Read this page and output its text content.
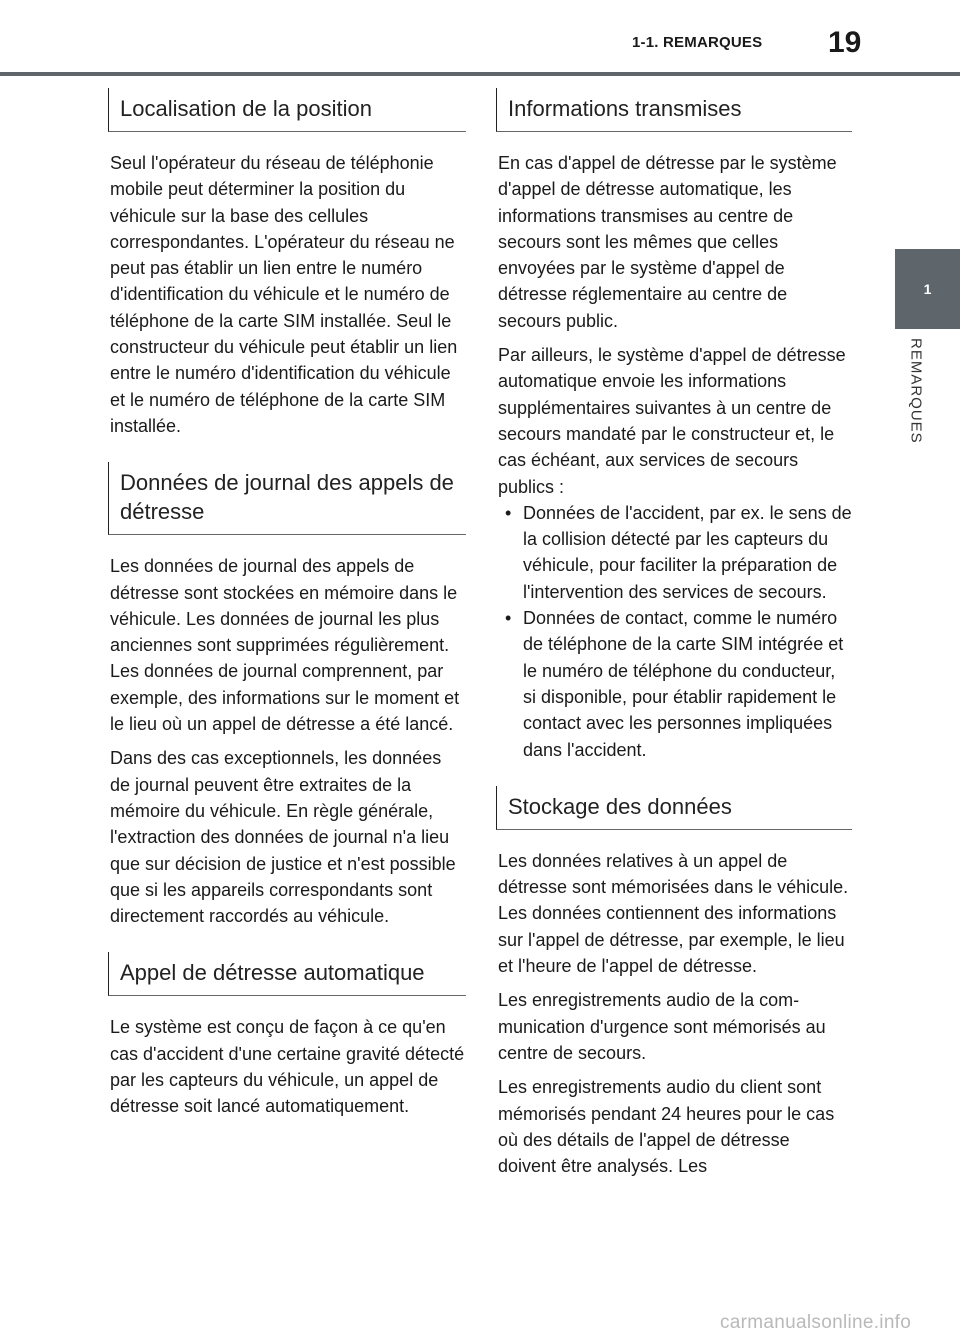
1-1. REMARQUES 19
1
REMARQUES
Localisation de la position

Seul l'opérateur du réseau de téléphonie mobile peut déterminer la position du véhicule sur la base des cellules correspondantes. L'opérateur du réseau ne peut pas établir un lien entre le numéro d'identification du véhicule et le numéro de téléphone de la carte SIM installée. Seul le constructeur du véhicule peut établir un lien entre le numéro d'identification du véhicule et le numéro de téléphone de la carte SIM installée.

Données de journal des appels de détresse

Les données de journal des appels de détresse sont stockées en mémoire dans le véhicule. Les données de journal les plus anciennes sont supprimées régulièrement. Les données de journal comprennent, par exemple, des informations sur le moment et le lieu où un appel de détresse a été lancé.

Dans des cas exceptionnels, les données de journal peuvent être extraites de la mémoire du véhicule. En règle générale, l'extraction des données de journal n'a lieu que sur décision de justice et n'est possible que si les appareils correspondants sont directement raccordés au véhicule.

Appel de détresse automatique

Le système est conçu de façon à ce qu'en cas d'accident d'une certaine gravité détecté par les capteurs du véhicule, un appel de détresse soit lancé automatiquement.

Informations transmises

En cas d'appel de détresse par le système d'appel de détresse automatique, les informations transmises au centre de secours sont les mêmes que celles envoyées par le système d'appel de détresse réglementaire au centre de secours public.

Par ailleurs, le système d'appel de détresse automatique envoie les informations supplémentaires suivantes à un centre de secours mandaté par le constructeur et, le cas échéant, aux services de secours publics :

• Données de l'accident, par ex. le sens de la collision détecté par les capteurs du véhicule, pour faciliter la préparation de l'intervention des services de secours.
• Données de contact, comme le numéro de téléphone de la carte SIM intégrée et le numéro de téléphone du conducteur, si disponible, pour établir rapidement le contact avec les personnes impliquées dans l'accident.
Stockage des données

Les données relatives à un appel de détresse sont mémorisées dans le véhicule. Les données contiennent des informations sur l'appel de détresse, par exemple, le lieu et l'heure de l'appel de détresse.

Les enregistrements audio de la communication d'urgence sont mémorisés au centre de secours.

Les enregistrements audio du client sont mémorisés pendant 24 heures pour le cas où des détails de l'appel de détresse doivent être analysés. Les

carmanualsonline.info
